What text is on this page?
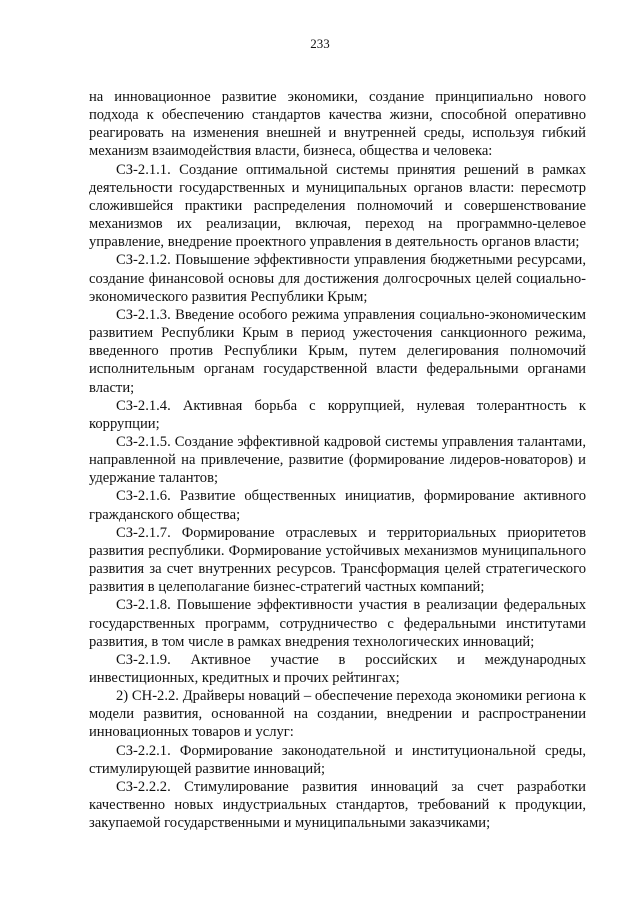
233

на инновационное развитие экономики, создание принципиально нового подхода к обеспечению стандартов качества жизни, способной оперативно реагировать на изменения внешней и внутренней среды, используя гибкий механизм взаимодействия власти, бизнеса, общества и человека:

СЗ-2.1.1. Создание оптимальной системы принятия решений в рамках деятельности государственных и муниципальных органов власти: пересмотр сложившейся практики распределения полномочий и совершенствование механизмов их реализации, включая, переход на программно-целевое управление, внедрение проектного управления в деятельность органов власти;

СЗ-2.1.2. Повышение эффективности управления бюджетными ресурсами, создание финансовой основы для достижения долгосрочных целей социально-экономического развития Республики Крым;

СЗ-2.1.3. Введение особого режима управления социально-экономическим развитием Республики Крым в период ужесточения санкционного режима, введенного против Республики Крым, путем делегирования полномочий исполнительным органам государственной власти федеральными органами власти;

СЗ-2.1.4. Активная борьба с коррупцией, нулевая толерантность к коррупции;

СЗ-2.1.5. Создание эффективной кадровой системы управления талантами, направленной на привлечение, развитие (формирование лидеров-новаторов) и удержание талантов;

СЗ-2.1.6. Развитие общественных инициатив, формирование активного гражданского общества;

СЗ-2.1.7. Формирование отраслевых и территориальных приоритетов развития республики. Формирование устойчивых механизмов муниципального развития за счет внутренних ресурсов. Трансформация целей стратегического развития в целеполагание бизнес-стратегий частных компаний;

СЗ-2.1.8. Повышение эффективности участия в реализации федеральных государственных программ, сотрудничество с федеральными институтами развития, в том числе в рамках внедрения технологических инноваций;

СЗ-2.1.9. Активное участие в российских и международных инвестиционных, кредитных и прочих рейтингах;

2) СН-2.2. Драйверы новаций – обеспечение перехода экономики региона к модели развития, основанной на создании, внедрении и распространении инновационных товаров и услуг:

СЗ-2.2.1. Формирование законодательной и институциональной среды, стимулирующей развитие инноваций;

СЗ-2.2.2. Стимулирование развития инноваций за счет разработки качественно новых индустриальных стандартов, требований к продукции, закупаемой государственными и муниципальными заказчиками;
